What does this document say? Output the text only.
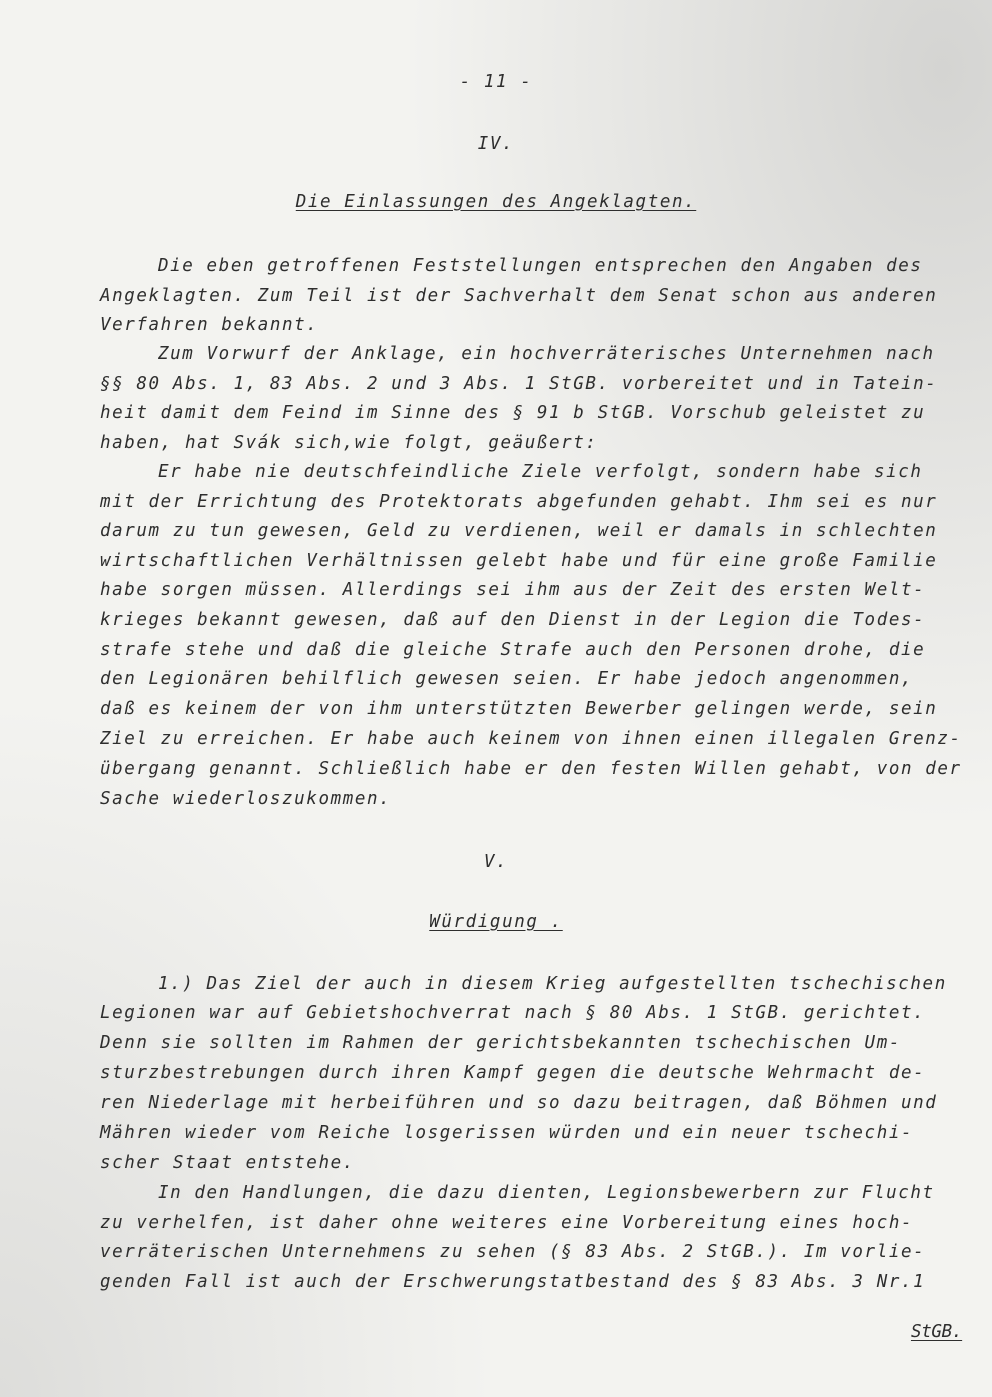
- 11 -
IV.
Die Einlassungen des Angeklagten.
Die eben getroffenen Feststellungen entsprechen den Angaben des
Angeklagten. Zum Teil ist der Sachverhalt dem Senat schon aus anderen
Verfahren bekannt.
Zum Vorwurf der Anklage, ein hochverräterisches Unternehmen nach
§§ 80 Abs. 1, 83 Abs. 2 und 3 Abs. 1 StGB. vorbereitet und in Tatein-
heit damit dem Feind im Sinne des § 91 b StGB. Vorschub geleistet zu
haben, hat Svák sich,wie folgt, geäußert:
Er habe nie deutschfeindliche Ziele verfolgt, sondern habe sich
mit der Errichtung des Protektorats abgefunden gehabt. Ihm sei es nur
darum zu tun gewesen, Geld zu verdienen, weil er damals in schlechten
wirtschaftlichen Verhältnissen gelebt habe und für eine große Familie
habe sorgen müssen. Allerdings sei ihm aus der Zeit des ersten Welt-
krieges bekannt gewesen, daß auf den Dienst in der Legion die Todes-
strafe stehe und daß die gleiche Strafe auch den Personen drohe, die
den Legionären behilflich gewesen seien. Er habe jedoch angenommen,
daß es keinem der von ihm unterstützten Bewerber gelingen werde, sein
Ziel zu erreichen. Er habe auch keinem von ihnen einen illegalen Grenz-
übergang genannt. Schließlich habe er den festen Willen gehabt, von der
Sache wiederloszukommen.
V.
Würdigung .
1.) Das Ziel der auch in diesem Krieg aufgestellten tschechischen
Legionen war auf Gebietshochverrat nach § 80 Abs. 1 StGB. gerichtet.
Denn sie sollten im Rahmen der gerichtsbekannten tschechischen Um-
sturzbestrebungen durch ihren Kampf gegen die deutsche Wehrmacht de-
ren Niederlage mit herbeiführen und so dazu beitragen, daß Böhmen und
Mähren wieder vom Reiche losgerissen würden und ein neuer tschechi-
scher Staat entstehe.
In den Handlungen, die dazu dienten, Legionsbewerbern zur Flucht
zu verhelfen, ist daher ohne weiteres eine Vorbereitung eines hoch-
verräterischen Unternehmens zu sehen (§ 83 Abs. 2 StGB.). Im vorlie-
genden Fall ist auch der Erschwerungstatbestand des § 83 Abs. 3 Nr.1

StGB.
